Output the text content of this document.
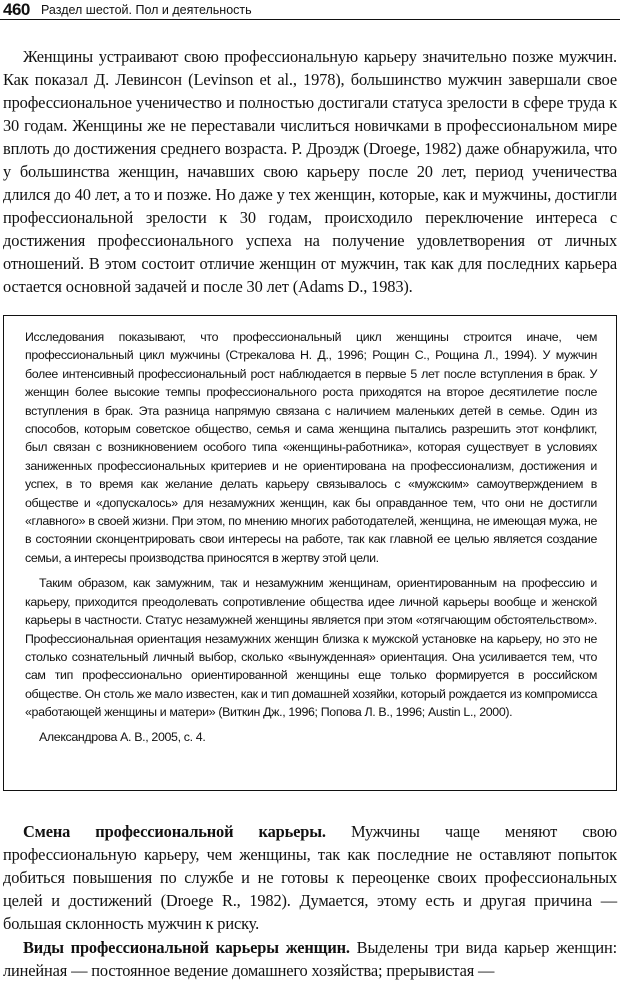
460 Раздел шестой. Пол и деятельность

Женщины устраивают свою профессиональную карьеру значительно позже мужчин. Как показал Д. Левинсон (Levinson et al., 1978), большинство мужчин завершали свое профессиональное ученичество и полностью достигали статуса зрелости в сфере труда к 30 годам. Женщины же не переставали числиться новичками в профессиональном мире вплоть до достижения среднего возраста. Р. Дроэдж (Droege, 1982) даже обнаружила, что у большинства женщин, начавших свою карьеру после 20 лет, период ученичества длился до 40 лет, а то и позже. Но даже у тех женщин, которые, как и мужчины, достигли профессиональной зрелости к 30 годам, происходило переключение интереса с достижения профессионального успеха на получение удовлетворения от личных отношений. В этом состоит отличие женщин от мужчин, так как для последних карьера остается основной задачей и после 30 лет (Adams D., 1983).

Исследования показывают, что профессиональный цикл женщины строится иначе, чем профессиональный цикл мужчины (Стрекалова Н. Д., 1996; Рощин С., Рощина Л., 1994). У мужчин более интенсивный профессиональный рост наблюдается в первые 5 лет после вступления в брак. У женщин более высокие темпы профессионального роста приходятся на второе десятилетие после вступления в брак. Эта разница напрямую связана с наличием маленьких детей в семье. Один из способов, которым советское общество, семья и сама женщина пытались разрешить этот конфликт, был связан с возникновением особого типа «женщины-работника», которая существует в условиях заниженных профессиональных критериев и не ориентирована на профессионализм, достижения и успех, в то время как желание делать карьеру связывалось с «мужским» самоутверждением в обществе и «допускалось» для незамужних женщин, как бы оправданное тем, что они не достигли «главного» в своей жизни. При этом, по мнению многих работодателей, женщина, не имеющая мужа, не в состоянии сконцентрировать свои интересы на работе, так как главной ее целью является создание семьи, а интересы производства приносятся в жертву этой цели.

Таким образом, как замужним, так и незамужним женщинам, ориентированным на профессию и карьеру, приходится преодолевать сопротивление общества идее личной карьеры вообще и женской карьеры в частности. Статус незамужней женщины является при этом «отягчающим обстоятельством». Профессиональная ориентация незамужних женщин близка к мужской установке на карьеру, но это не столько сознательный личный выбор, сколько «вынужденная» ориентация. Она усиливается тем, что сам тип профессионально ориентированной женщины еще только формируется в российском обществе. Он столь же мало известен, как и тип домашней хозяйки, который рождается из компромисса «работающей женщины и матери» (Виткин Дж., 1996; Попова Л. В., 1996; Austin L., 2000).

Александрова А. В., 2005, с. 4.

Смена профессиональной карьеры. Мужчины чаще меняют свою профессиональную карьеру, чем женщины, так как последние не оставляют попыток добиться повышения по службе и не готовы к переоценке своих профессиональных целей и достижений (Droege R., 1982). Думается, этому есть и другая причина — большая склонность мужчин к риску.

Виды профессиональной карьеры женщин. Выделены три вида карьер женщин: линейная — постоянное ведение домашнего хозяйства; прерывистая —
